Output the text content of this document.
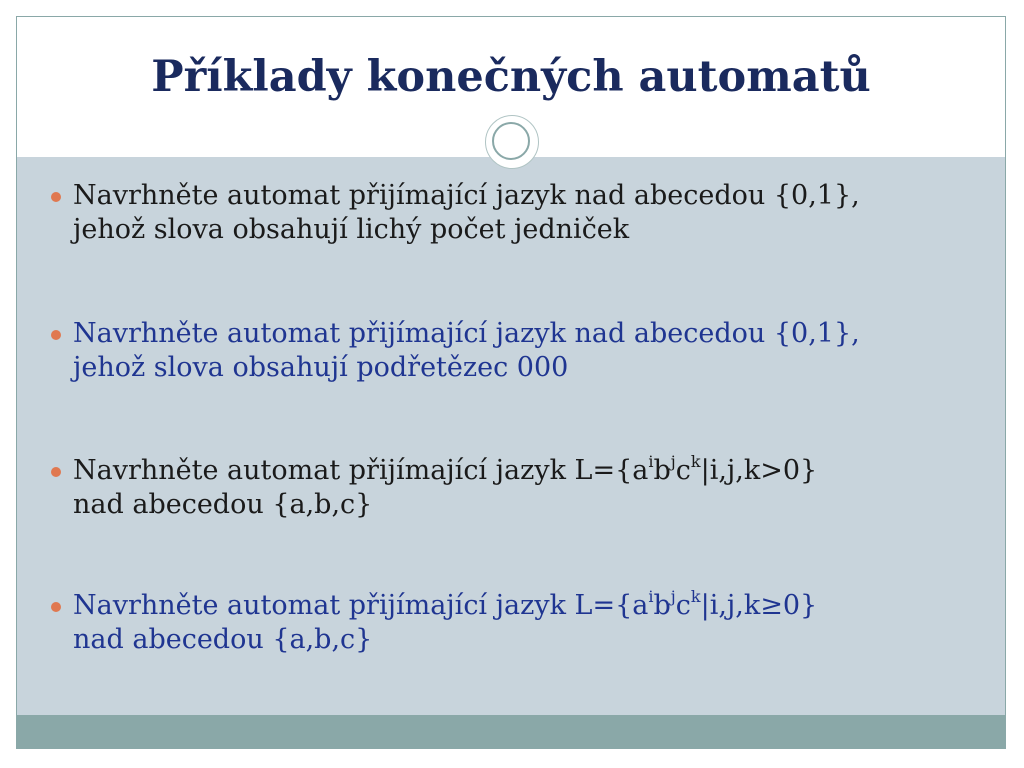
Příklady konečných automatů
Navrhněte automat přijímající jazyk nad abecedou {0,1},
jehož slova obsahují lichý počet jedniček
Navrhněte automat přijímající jazyk nad abecedou {0,1},
jehož slova obsahují podřetězec 000
Navrhněte automat přijímající jazyk $L=\{a^ib^jc^k|i,j,k>0\}$
nad abecedou {a,b,c}
Navrhněte automat přijímající jazyk $L=\{a^ib^jc^k|i,j,k\ge 0\}$
nad abecedou {a,b,c}
